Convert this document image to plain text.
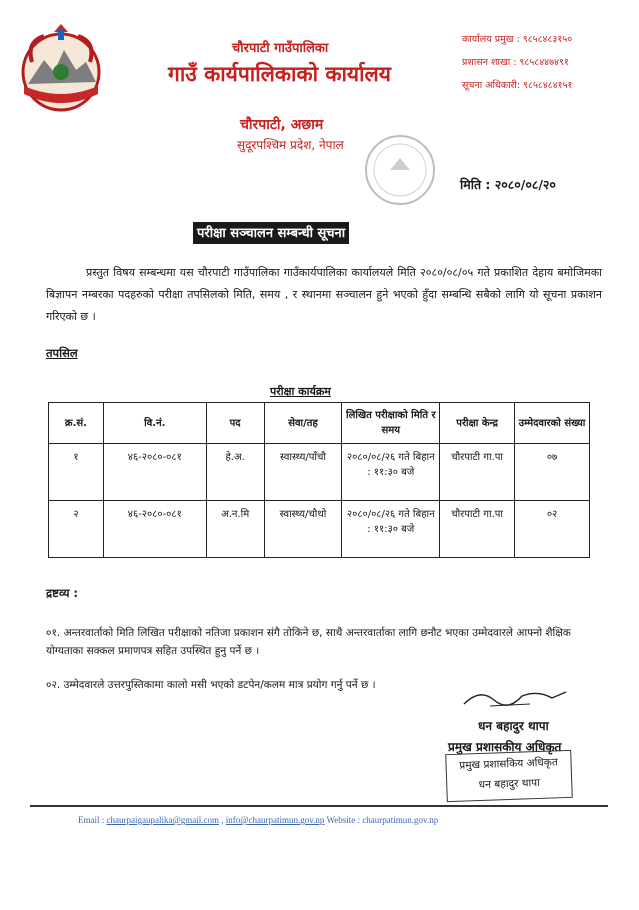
चौरपाटी गाउँपालिका
गाउँ कार्यपालिकाको कार्यालय
चौरपाटी, अछाम
सुदूरपश्चिम प्रदेश, नेपाल
कार्यालय प्रमुख : ९८५८४८३१५०
प्रशासन शाखा : ९८५८४४७४९१
सूचना अधिकारी: ९८५८४८४१५१
मिति : २०८०/०८/२०
परीक्षा सञ्चालन सम्बन्धी सूचना
प्रस्तुत विषय सम्बन्धमा यस चौरपाटी गाउँपालिका गाउँकार्यपालिका कार्यालयले मिति २०८०/०८/०५ गते प्रकाशित देहाय बमोजिमका बिज्ञापन नम्बरका पदहरुको परीक्षा तपसिलको मिति, समय , र स्थानमा सञ्चालन हुने भएको हुँदा सम्बन्धि सबैको लागि यो सूचना प्रकाशन गरिएको छ ।
तपसिल
परीक्षा कार्यक्रम
क्र.सं.	वि.नं.	पद	सेवा/तह	लिखित परीक्षाको मिति र समय	परीक्षा केन्द्र	उम्मेदवारको संख्या
१	४६-२०८०-०८१	हे.अ.	स्वास्थ्य/पाँचौ	२०८०/०८/२६ गते बिहान : ११:३० बजे	चौरपाटी गा.पा	०७
२	४६-२०८०-०८१	अ.न.मि	स्वास्थ्य/चौथो	२०८०/०८/२६ गते बिहान : ११:३० बजे	चौरपाटी गा.पा	०२
द्रष्टव्य :
०१. अन्तरवार्ताको मिति लिखित परीक्षाको नतिजा प्रकाशन संगै तोकिने छ, साथै अन्तरवार्ताका लागि छनौट भएका उम्मेदवारले आफ्नो शैक्षिक योग्यताका सक्कल प्रमाणपत्र सहित उपस्थित हुनु पर्ने छ ।
०२. उम्मेदवारले उत्तरपुस्तिकामा कालो मसी भएको डटपेन/कलम मात्र प्रयोग गर्नु पर्ने छ ।
धन बहादुर थापा
प्रमुख प्रशासकीय अधिकृत
प्रमुख प्रशासकिय अधिकृत
धन बहादुर थापा
Email : chaurpaigaupalika@gmail.com , info@chaurpatimun.gov.np Website : chaurpatimun.gov.np
